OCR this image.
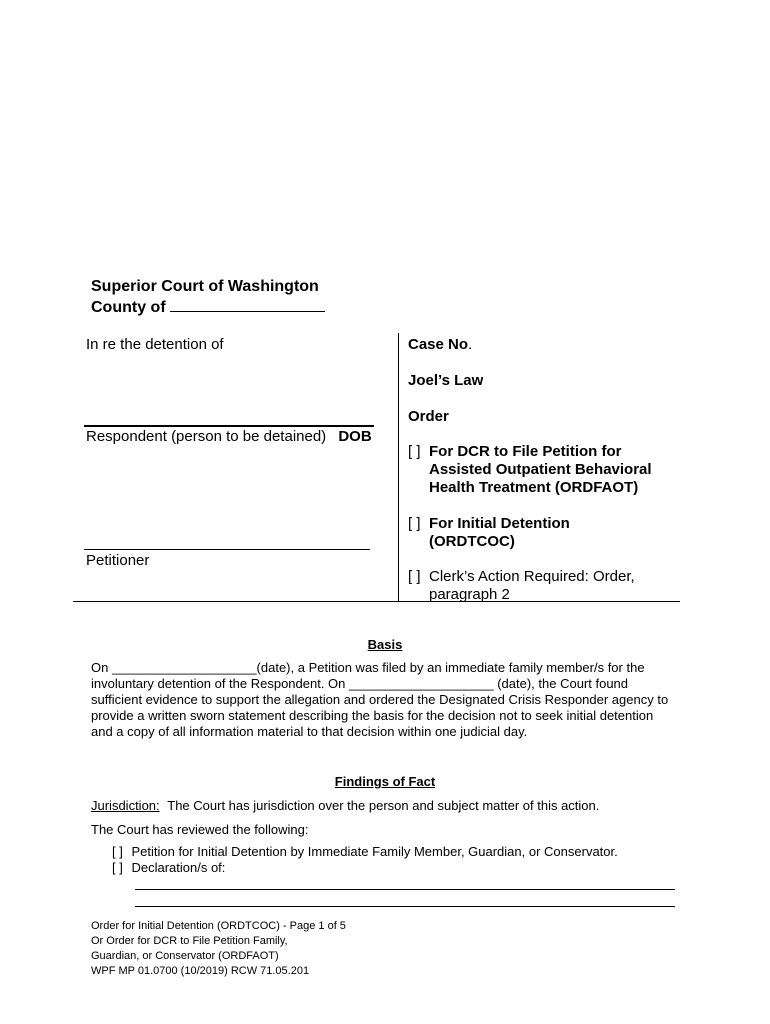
Superior Court of Washington
County of
In re the detention of
Respondent (person to be detained) DOB
Petitioner
Case No.
Joel’s Law
Order
[ ] For DCR to File Petition for Assisted Outpatient Behavioral Health Treatment (ORDFAOT)
[ ] For Initial Detention (ORDTCOC)
[ ] Clerk’s Action Required: Order, paragraph 2
Basis
On ____________________(date), a Petition was filed by an immediate family member/s for the involuntary detention of the Respondent. On ____________________ (date), the Court found sufficient evidence to support the allegation and ordered the Designated Crisis Responder agency to provide a written sworn statement describing the basis for the decision not to seek initial detention and a copy of all information material to that decision within one judicial day.
Findings of Fact
Jurisdiction: The Court has jurisdiction over the person and subject matter of this action.
The Court has reviewed the following:
[ ] Petition for Initial Detention by Immediate Family Member, Guardian, or Conservator.
[ ] Declaration/s of:
Order for Initial Detention (ORDTCOC) - Page 1 of 5
Or Order for DCR to File Petition Family,
Guardian, or Conservator (ORDFAOT)
WPF MP 01.0700 (10/2019) RCW 71.05.201
